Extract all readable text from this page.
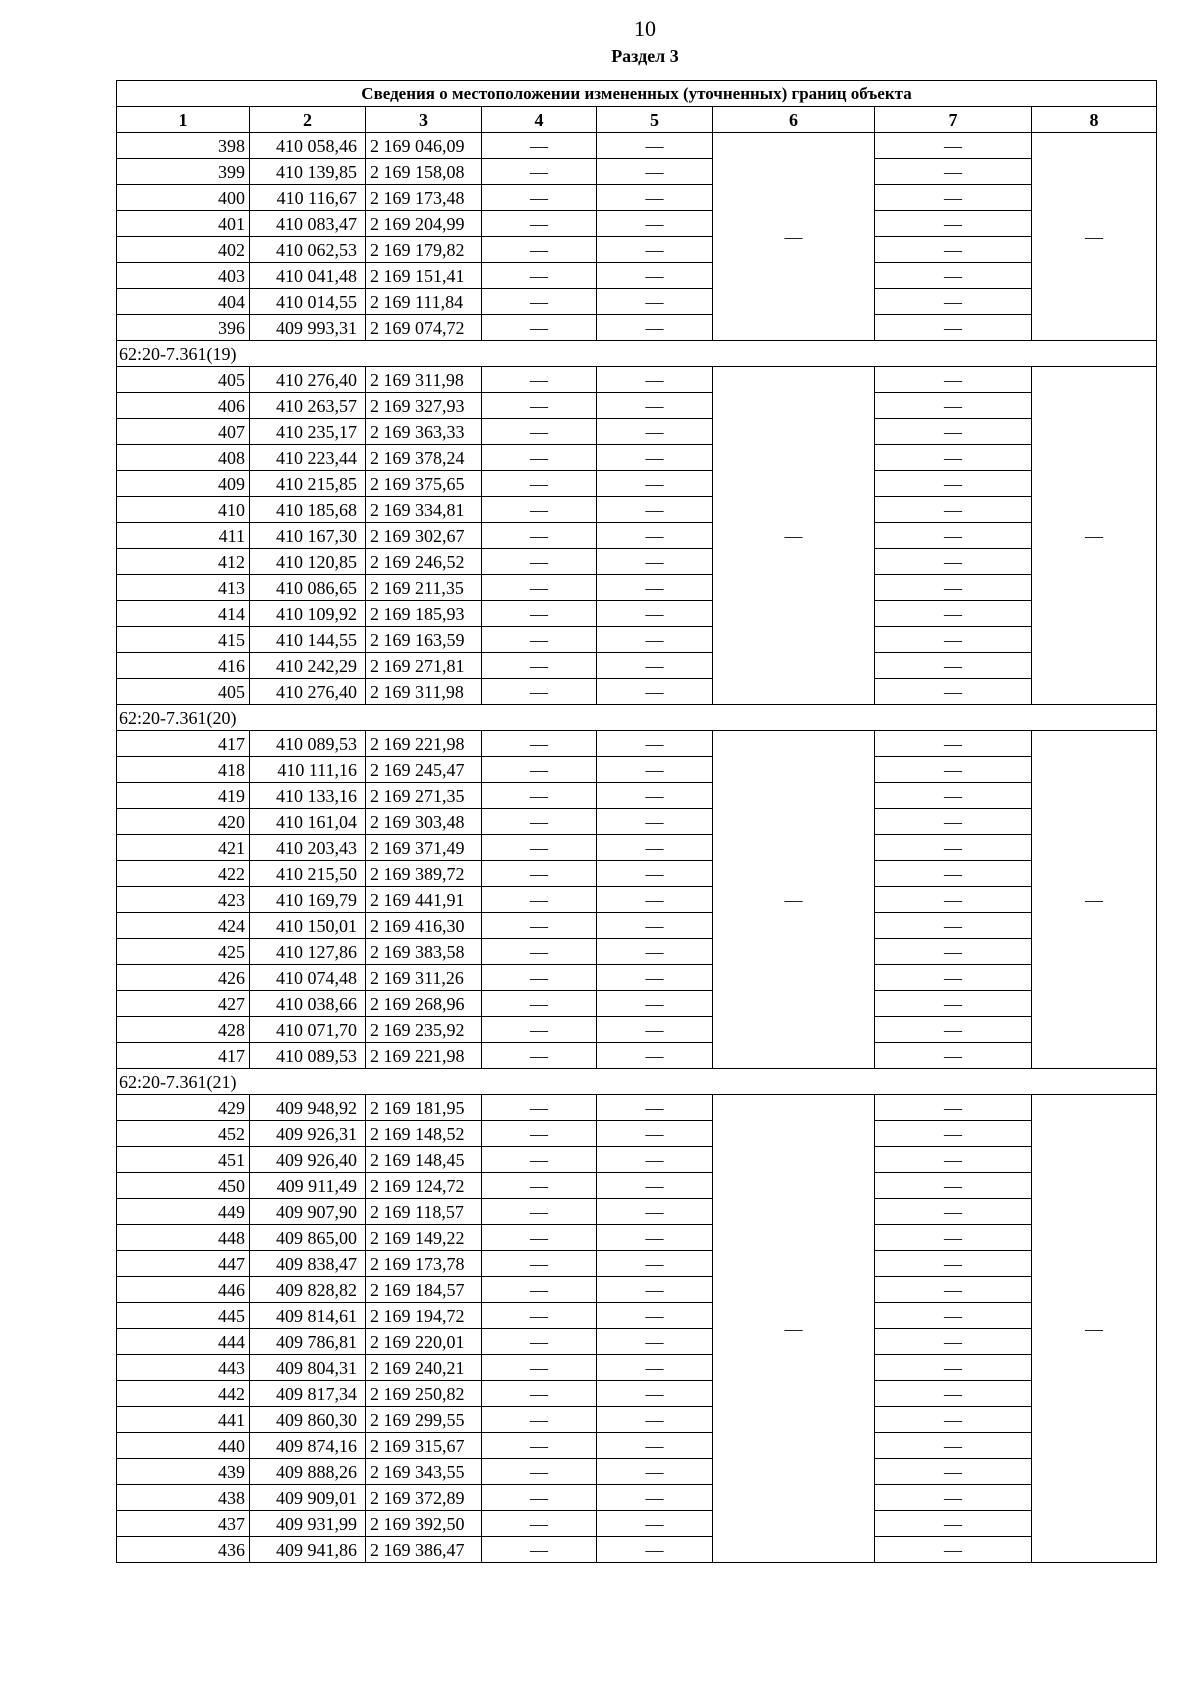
10
Раздел 3
Сведения о местоположении измененных (уточненных) границ объекта							
1	2	3	4	5	6	7	8
398	410 058,46	2 169 046,09	—	—	—	—	—
399	410 139,85	2 169 158,08	—	—		—	
400	410 116,67	2 169 173,48	—	—		—	
401	410 083,47	2 169 204,99	—	—		—	
402	410 062,53	2 169 179,82	—	—		—	
403	410 041,48	2 169 151,41	—	—		—	
404	410 014,55	2 169 111,84	—	—		—	
396	409 993,31	2 169 074,72	—	—		—	
62:20-7.361(19)							
405	410 276,40	2 169 311,98	—	—	—	—	—
406	410 263,57	2 169 327,93	—	—		—	
407	410 235,17	2 169 363,33	—	—		—	
408	410 223,44	2 169 378,24	—	—		—	
409	410 215,85	2 169 375,65	—	—		—	
410	410 185,68	2 169 334,81	—	—		—	
411	410 167,30	2 169 302,67	—	—		—	
412	410 120,85	2 169 246,52	—	—		—	
413	410 086,65	2 169 211,35	—	—		—	
414	410 109,92	2 169 185,93	—	—		—	
415	410 144,55	2 169 163,59	—	—		—	
416	410 242,29	2 169 271,81	—	—		—	
405	410 276,40	2 169 311,98	—	—		—	
62:20-7.361(20)							
417	410 089,53	2 169 221,98	—	—	—	—	—
418	410 111,16	2 169 245,47	—	—		—	
419	410 133,16	2 169 271,35	—	—		—	
420	410 161,04	2 169 303,48	—	—		—	
421	410 203,43	2 169 371,49	—	—		—	
422	410 215,50	2 169 389,72	—	—		—	
423	410 169,79	2 169 441,91	—	—		—	
424	410 150,01	2 169 416,30	—	—		—	
425	410 127,86	2 169 383,58	—	—		—	
426	410 074,48	2 169 311,26	—	—		—	
427	410 038,66	2 169 268,96	—	—		—	
428	410 071,70	2 169 235,92	—	—		—	
417	410 089,53	2 169 221,98	—	—		—	
62:20-7.361(21)							
429	409 948,92	2 169 181,95	—	—	—	—	—
452	409 926,31	2 169 148,52	—	—		—	
451	409 926,40	2 169 148,45	—	—		—	
450	409 911,49	2 169 124,72	—	—		—	
449	409 907,90	2 169 118,57	—	—		—	
448	409 865,00	2 169 149,22	—	—		—	
447	409 838,47	2 169 173,78	—	—		—	
446	409 828,82	2 169 184,57	—	—		—	
445	409 814,61	2 169 194,72	—	—		—	
444	409 786,81	2 169 220,01	—	—		—	
443	409 804,31	2 169 240,21	—	—		—	
442	409 817,34	2 169 250,82	—	—		—	
441	409 860,30	2 169 299,55	—	—		—	
440	409 874,16	2 169 315,67	—	—		—	
439	409 888,26	2 169 343,55	—	—		—	
438	409 909,01	2 169 372,89	—	—		—	
437	409 931,99	2 169 392,50	—	—		—	
436	409 941,86	2 169 386,47	—	—		—	
